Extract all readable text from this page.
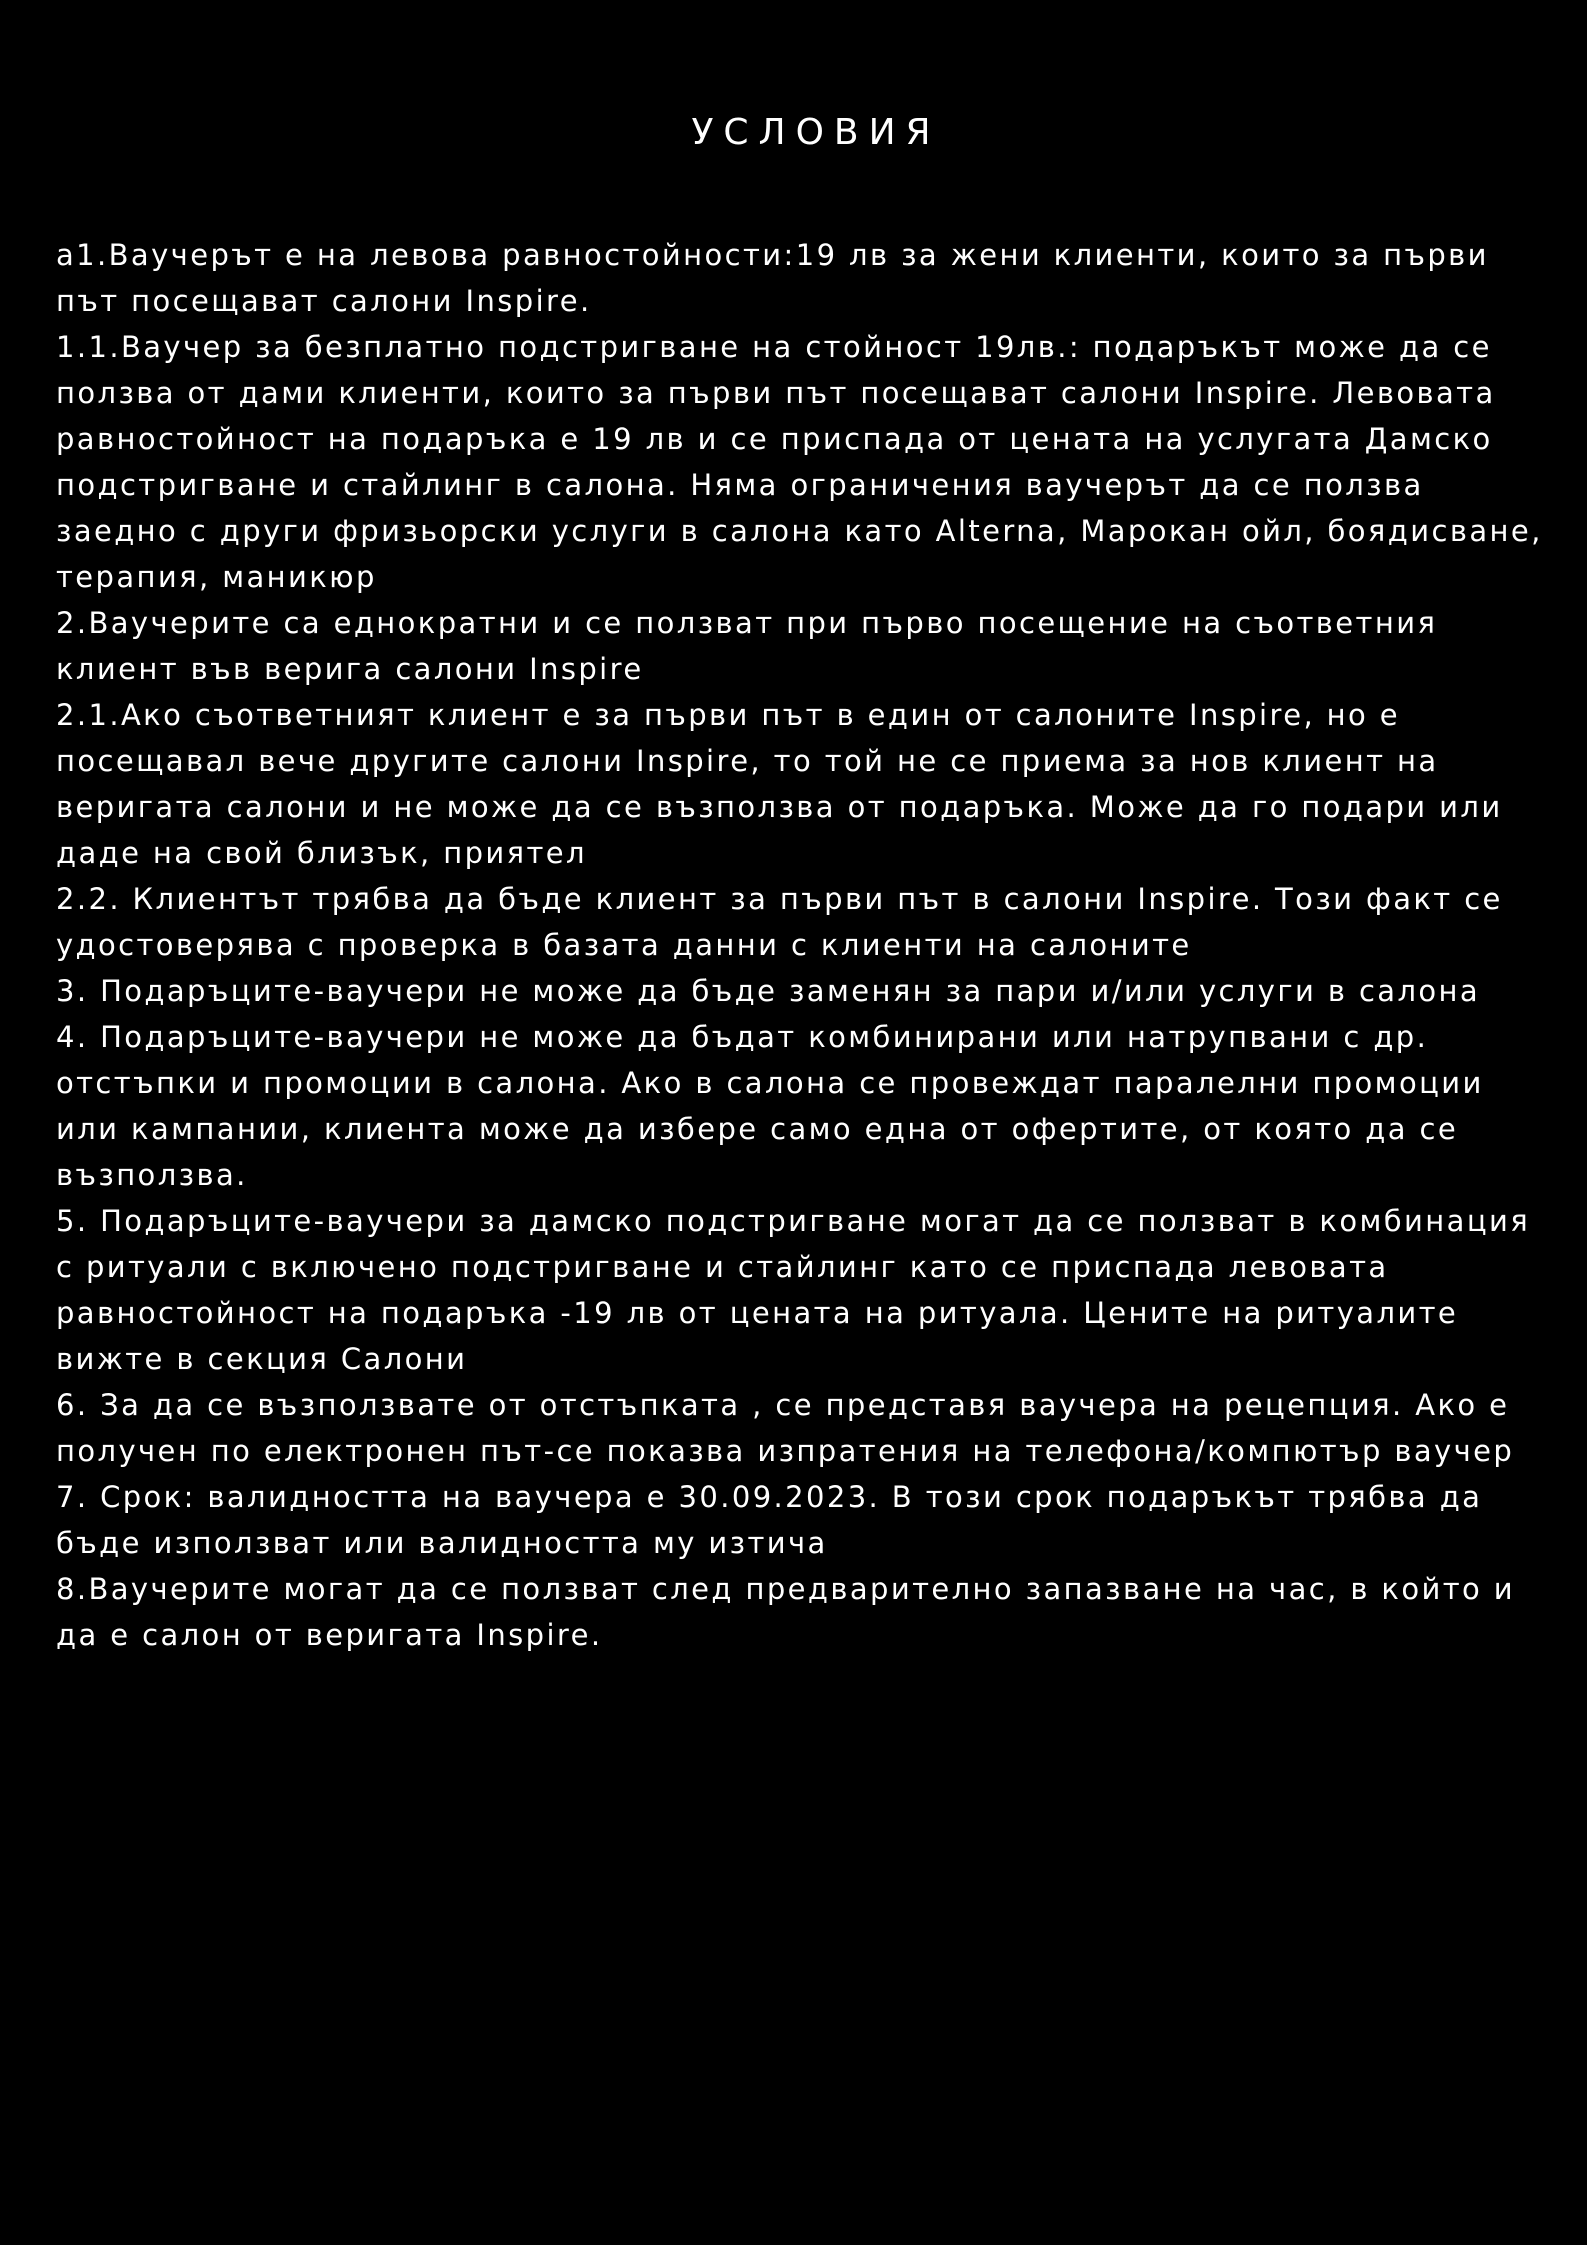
УСЛОВИЯ
а1.Ваучерът е на левова равностойности:19 лв за жени клиенти, които за първи път посещават салони Inspire.
1.1.Ваучер за безплатно подстригване на стойност 19лв.: подаръкът може да се ползва от дами клиенти, които за първи път посещават салони Inspire. Левовата равностойност на подаръка е 19 лв и се приспада от цената на услугата Дамско подстригване и стайлинг в салона. Няма ограничения ваучерът да се ползва заедно с други фризьорски услуги в салона като Alterna, Марокан ойл, боядисване, терапия, маникюр
2.Ваучерите са еднократни и се ползват при първо посещение на съответния клиент във верига салони Inspire
2.1.Ако съответният клиент е за първи път в един от салоните Inspire, но е посещавал вече другите салони Inspire, то той не се приема за нов клиент на веригата салони и не може да се възползва от подаръка. Може да го подари или даде на свой близък, приятел
2.2. Клиентът трябва да бъде клиент за първи път в салони Inspire. Този факт се удостоверява с проверка в базата данни с клиенти на салоните
3. Подаръците-ваучери не може да бъде заменян за пари и/или услуги в салона
4. Подаръците-ваучери не може да бъдат комбинирани или натрупвани с др. отстъпки и промоции в салона. Ако в салона се провеждат паралелни промоции или кампании, клиента може да избере само една от офертите, от която да се възползва.
5. Подаръците-ваучери за дамско подстригване могат да се ползват в комбинация с ритуали с включено подстригване и стайлинг като се приспада левовата равностойност на подаръка -19 лв от цената на ритуала. Цените на ритуалите вижте в секция Салони
6. За да се възползвате от отстъпката , се представя ваучера на рецепция. Ако е получен по електронен път-се показва изпратения на телефона/компютър ваучер
7. Срок: валидността на ваучера е 30.09.2023. В този срок подаръкът трябва да бъде използват или валидността му изтича
8.Ваучерите могат да се ползват след предварително запазване на час, в който и да е салон от веригата Inspire.
